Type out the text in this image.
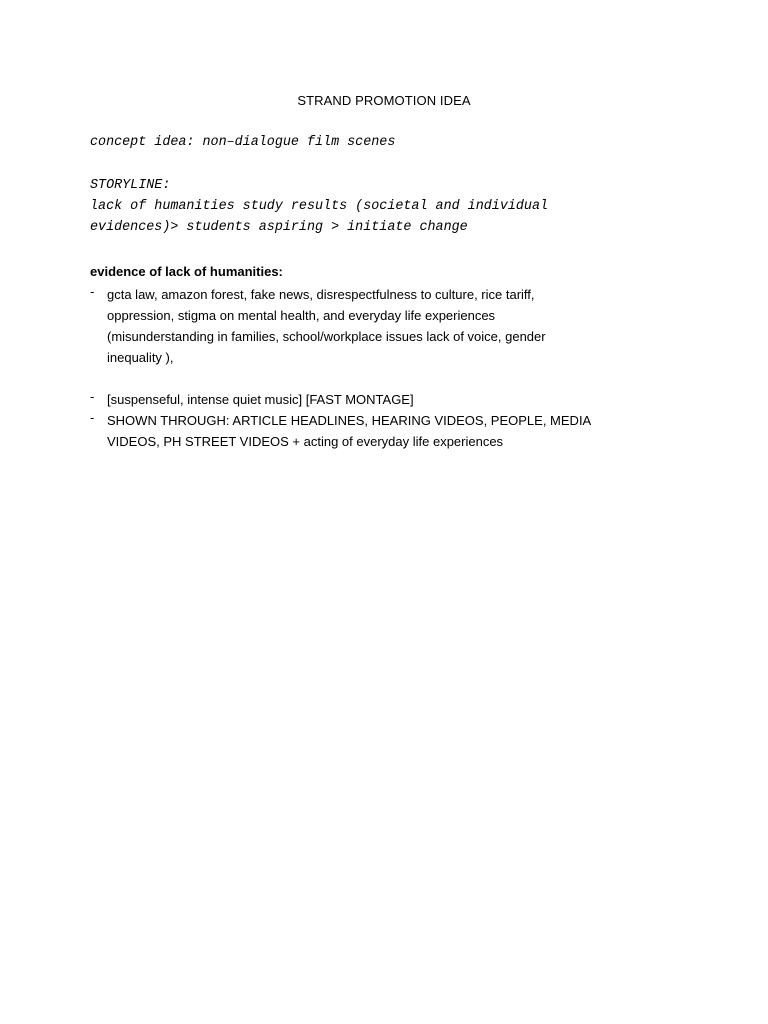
STRAND PROMOTION IDEA
concept idea: non–dialogue film scenes
STORYLINE:
lack of humanities study results (societal and individual
evidences)> students aspiring > initiate change

evidence of lack of humanities:

- gcta law, amazon forest, fake news, disrespectfulness to culture, rice tariff,
oppression, stigma on mental health, and everyday life experiences
(misunderstanding in families, school/workplace issues lack of voice, gender
inequality ),
- [suspenseful, intense quiet music] [FAST MONTAGE]
- SHOWN THROUGH: ARTICLE HEADLINES, HEARING VIDEOS, PEOPLE, MEDIA
VIDEOS, PH STREET VIDEOS + acting of everyday life experiences
